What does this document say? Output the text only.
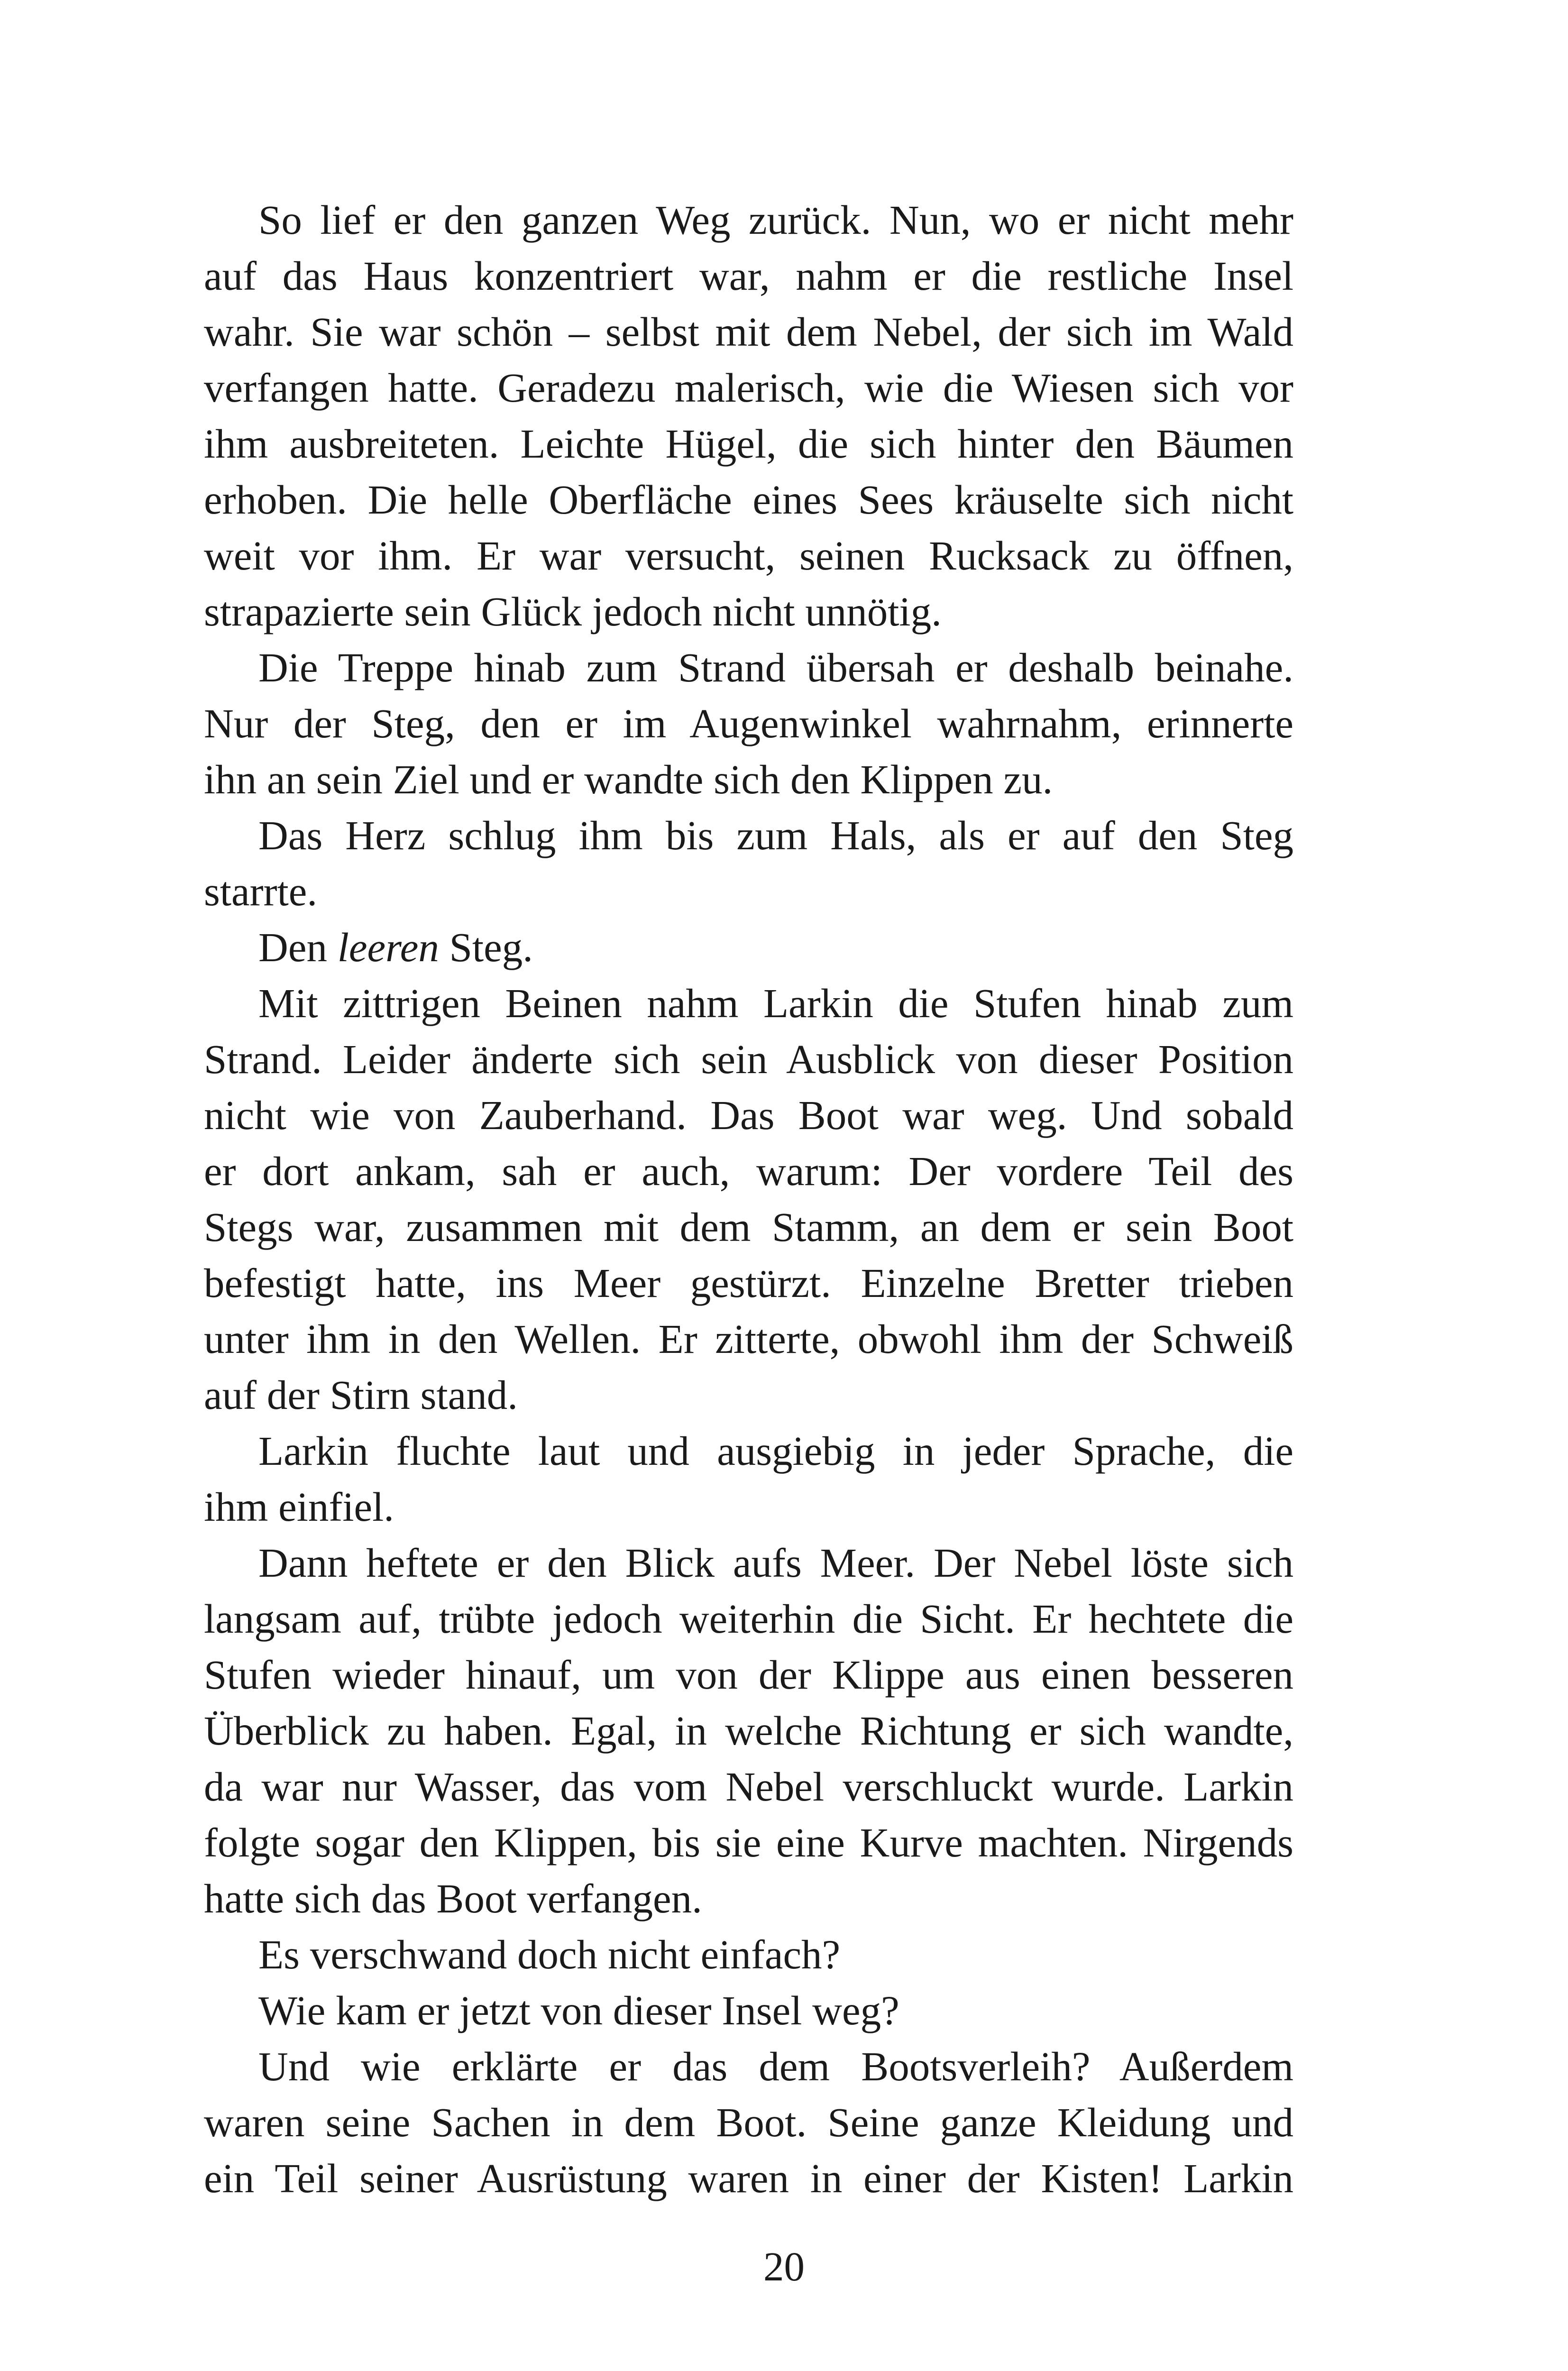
So lief er den ganzen Weg zurück. Nun, wo er nicht mehr
auf das Haus konzentriert war, nahm er die restliche Insel
wahr. Sie war schön – selbst mit dem Nebel, der sich im Wald
verfangen hatte. Geradezu malerisch, wie die Wiesen sich vor
ihm ausbreiteten. Leichte Hügel, die sich hinter den Bäumen
erhoben. Die helle Oberfläche eines Sees kräuselte sich nicht
weit vor ihm. Er war versucht, seinen Rucksack zu öffnen,
strapazierte sein Glück jedoch nicht unnötig.
Die Treppe hinab zum Strand übersah er deshalb beinahe.
Nur der Steg, den er im Augenwinkel wahrnahm, erinnerte
ihn an sein Ziel und er wandte sich den Klippen zu.
Das Herz schlug ihm bis zum Hals, als er auf den Steg
starrte.
Den leeren Steg.
Mit zittrigen Beinen nahm Larkin die Stufen hinab zum
Strand. Leider änderte sich sein Ausblick von dieser Position
nicht wie von Zauberhand. Das Boot war weg. Und sobald
er dort ankam, sah er auch, warum: Der vordere Teil des
Stegs war, zusammen mit dem Stamm, an dem er sein Boot
befestigt hatte, ins Meer gestürzt. Einzelne Bretter trieben
unter ihm in den Wellen. Er zitterte, obwohl ihm der Schweiß
auf der Stirn stand.
Larkin fluchte laut und ausgiebig in jeder Sprache, die
ihm einfiel.
Dann heftete er den Blick aufs Meer. Der Nebel löste sich
langsam auf, trübte jedoch weiterhin die Sicht. Er hechtete die
Stufen wieder hinauf, um von der Klippe aus einen besseren
Überblick zu haben. Egal, in welche Richtung er sich wandte,
da war nur Wasser, das vom Nebel verschluckt wurde. Larkin
folgte sogar den Klippen, bis sie eine Kurve machten. Nirgends
hatte sich das Boot verfangen.
Es verschwand doch nicht einfach?
Wie kam er jetzt von dieser Insel weg?
Und wie erklärte er das dem Bootsverleih? Außerdem
waren seine Sachen in dem Boot. Seine ganze Kleidung und
ein Teil seiner Ausrüstung waren in einer der Kisten! Larkin
20
